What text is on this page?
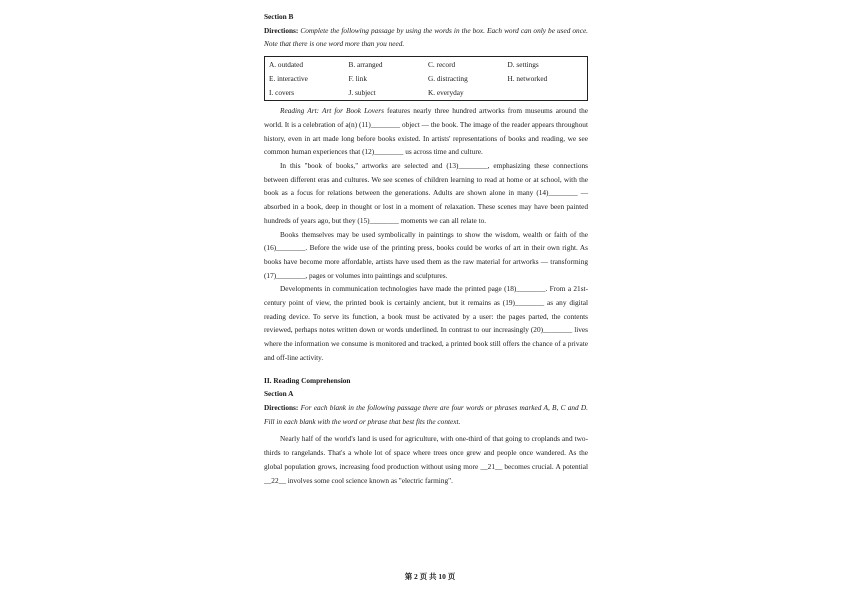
Section B

Directions: Complete the following passage by using the words in the box. Each word can only be used once. Note that there is one word more than you need.

A. outdated	B. arranged	C. record	D. settings
E. interactive	F. link	G. distracting	H. networked
I. covers	J. subject	K. everyday

Reading Art: Art for Book Lovers features nearly three hundred artworks from museums around the world. It is a celebration of a(n) (11)________ object — the book. The image of the reader appears throughout history, even in art made long before books existed. In artists' representations of books and reading, we see common human experiences that (12)________ us across time and culture.

In this "book of books," artworks are selected and (13)________, emphasizing these connections between different eras and cultures. We see scenes of children learning to read at home or at school, with the book as a focus for relations between the generations. Adults are shown alone in many (14)________ — absorbed in a book, deep in thought or lost in a moment of relaxation. These scenes may have been painted hundreds of years ago, but they (15)________ moments we can all relate to.

Books themselves may be used symbolically in paintings to show the wisdom, wealth or faith of the (16)________. Before the wide use of the printing press, books could be works of art in their own right. As books have become more affordable, artists have used them as the raw material for artworks — transforming (17)________, pages or volumes into paintings and sculptures.

Developments in communication technologies have made the printed page (18)________. From a 21st-century point of view, the printed book is certainly ancient, but it remains as (19)________ as any digital reading device. To serve its function, a book must be activated by a user: the pages parted, the contents reviewed, perhaps notes written down or words underlined. In contrast to our increasingly (20)________ lives where the information we consume is monitored and tracked, a printed book still offers the chance of a private and off-line activity.

II. Reading Comprehension

Section A

Directions: For each blank in the following passage there are four words or phrases marked A, B, C and D. Fill in each blank with the word or phrase that best fits the context.

Nearly half of the world's land is used for agriculture, with one-third of that going to croplands and two-thirds to rangelands. That's a whole lot of space where trees once grew and people once wandered. As the global population grows, increasing food production without using more __21__ becomes crucial. A potential __22__ involves some cool science known as "electric farming".

第 2 页 共 10 页
